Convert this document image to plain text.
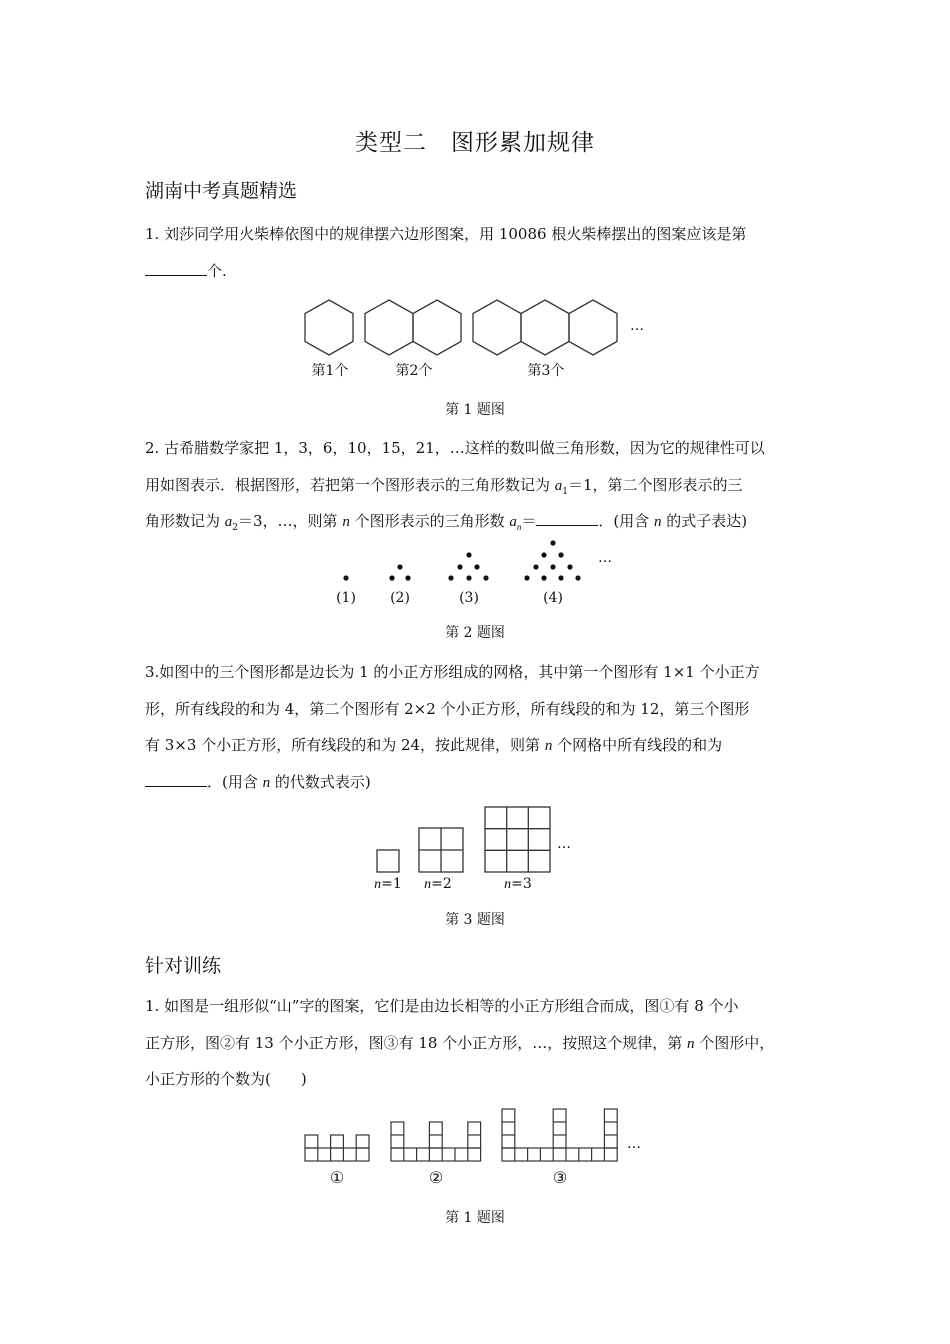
类型二　图形累加规律
湖南中考真题精选
1. 刘莎同学用火柴棒依图中的规律摆六边形图案，用 10086 根火柴棒摆出的图案应该是第
个.
…
第1个	第2个	第3个
第 1 题图
2. 古希腊数学家把 1，3，6，10，15，21，…这样的数叫做三角形数，因为它的规律性可以
用如图表示．根据图形，若把第一个图形表示的三角形数记为 $a_1=1$，第二个图形表示的三
角形数记为 $a_2=3$，…，则第 n 个图形表示的三角形数 $a_n=$	．(用含 n 的式子表达)
…
(1)	(2)	(3)	(4)
第 2 题图
3.如图中的三个图形都是边长为 1 的小正方形组成的网格，其中第一个图形有 1×1 个小正方
形，所有线段的和为 4，第二个图形有 2×2 个小正方形，所有线段的和为 12，第三个图形
有 3×3 个小正方形，所有线段的和为 24，按此规律，则第 n 个网格中所有线段的和为
．(用含 n 的代数式表示)
…
n=1	n=2	n=3
第 3 题图
针对训练
1. 如图是一组形似“山”字的图案，它们是由边长相等的小正方形组合而成，图①有 8 个小
正方形，图②有 13 个小正方形，图③有 18 个小正方形，…，按照这个规律，第 n 个图形中，
小正方形的个数为(　　)
…
①	②	③
第 1 题图
